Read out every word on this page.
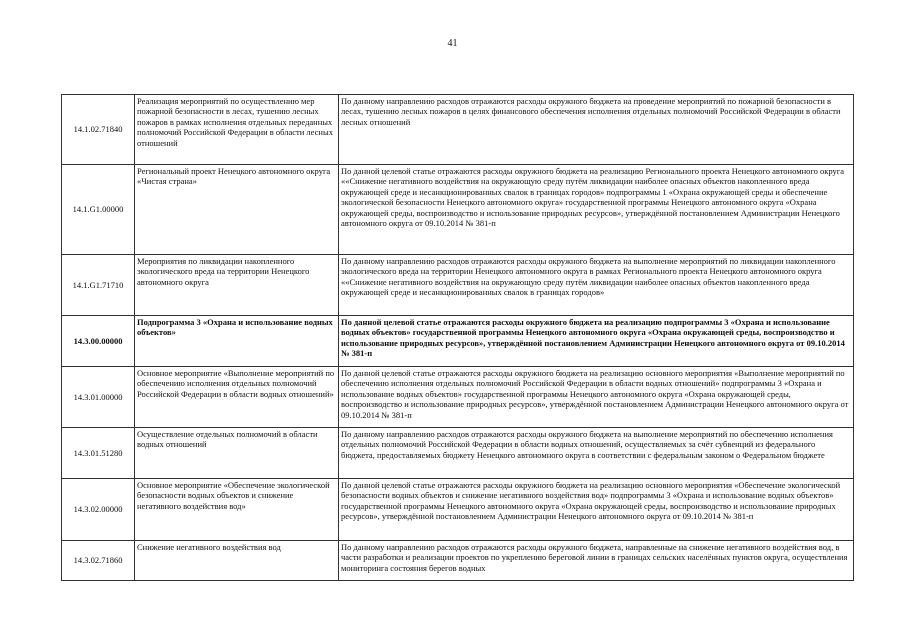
41
14.1.02.71840	Реализация мероприятий по осуществлению мер пожарной безопасности в лесах, тушению лесных пожаров в рамках исполнения отдельных переданных полномочий Российской Федерации в области лесных отношений	По данному направлению расходов отражаются расходы окружного бюджета на проведение мероприятий по пожарной безопасности в лесах, тушению лесных пожаров в целях финансового обеспечения исполнения отдельных полномочий Российской Федерации в области лесных отношений
14.1.G1.00000	Региональный проект Ненецкого автономного округа «Чистая страна»	По данной целевой статье отражаются расходы окружного бюджета на реализацию Регионального проекта Ненецкого автономного округа ««Снижение негативного воздействия на окружающую среду путём ликвидации наиболее опасных объектов накопленного вреда окружающей среде и несанкционированных свалок в границах городов» подпрограммы 1 «Охрана окружающей среды и обеспечение экологической безопасности Ненецкого автономного округа» государственной программы Ненецкого автономного округа «Охрана окружающей среды, воспроизводство и использование природных ресурсов», утверждённой постановлением Администрации Ненецкого автономного округа от 09.10.2014 № 381-п
14.1.G1.71710	Мероприятия по ликвидации накопленного экологического вреда на территории Ненецкого автономного округа	По данному направлению расходов отражаются расходы окружного бюджета на выполнение мероприятий по ликвидации накопленного экологического вреда на территории Ненецкого автономного округа в рамках Регионального проекта Ненецкого автономного округа ««Снижение негативного воздействия на окружающую среду путём ликвидации наиболее опасных объектов накопленного вреда окружающей среде и несанкционированных свалок в границах городов»
14.3.00.00000	Подпрограмма 3 «Охрана и использование водных объектов»	По данной целевой статье отражаются расходы окружного бюджета на реализацию подпрограммы 3 «Охрана и использование водных объектов» государственной программы Ненецкого автономного округа «Охрана окружающей среды, воспроизводство и использование природных ресурсов», утверждённой постановлением Администрации Ненецкого автономного округа от 09.10.2014 № 381-п
14.3.01.00000	Основное мероприятие «Выполнение мероприятий по обеспечению исполнения отдельных полномочий Российской Федерации в области водных отношений»	По данной целевой статье отражаются расходы окружного бюджета на реализацию основного мероприятия «Выполнение мероприятий по обеспечению исполнения отдельных полномочий Российской Федерации в области водных отношений» подпрограммы 3 «Охрана и использование водных объектов» государственной программы Ненецкого автономного округа «Охрана окружающей среды, воспроизводство и использование природных ресурсов», утверждённой постановлением Администрации Ненецкого автономного округа от 09.10.2014 № 381-п
14.3.01.51280	Осуществление отдельных полномочий в области водных отношений	По данному направлению расходов отражаются расходы окружного бюджета на выполнение мероприятий по обеспечению исполнения отдельных полномочий Российской Федерации в области водных отношений, осуществляемых за счёт субвенций из федерального бюджета, предоставляемых бюджету Ненецкого автономного округа в соответствии с федеральным законом о Федеральном бюджете
14.3.02.00000	Основное мероприятие «Обеспечение экологической безопасности водных объектов и снижение негативного воздействия вод»	По данной целевой статье отражаются расходы окружного бюджета на реализацию основного мероприятия «Обеспечение экологической безопасности водных объектов и снижение негативного воздействия вод» подпрограммы 3 «Охрана и использование водных объектов» государственной программы Ненецкого автономного округа «Охрана окружающей среды, воспроизводство и использование природных ресурсов», утверждённой постановлением Администрации Ненецкого автономного округа от 09.10.2014 № 381-п
14.3.02.71860	Снижение негативного воздействия вод	По данному направлению расходов отражаются расходы окружного бюджета, направленные на снижение негативного воздействия вод, в части разработки и реализации проектов по укреплению береговой линии в границах сельских населённых пунктов округа, осуществления мониторинга состояния берегов водных
